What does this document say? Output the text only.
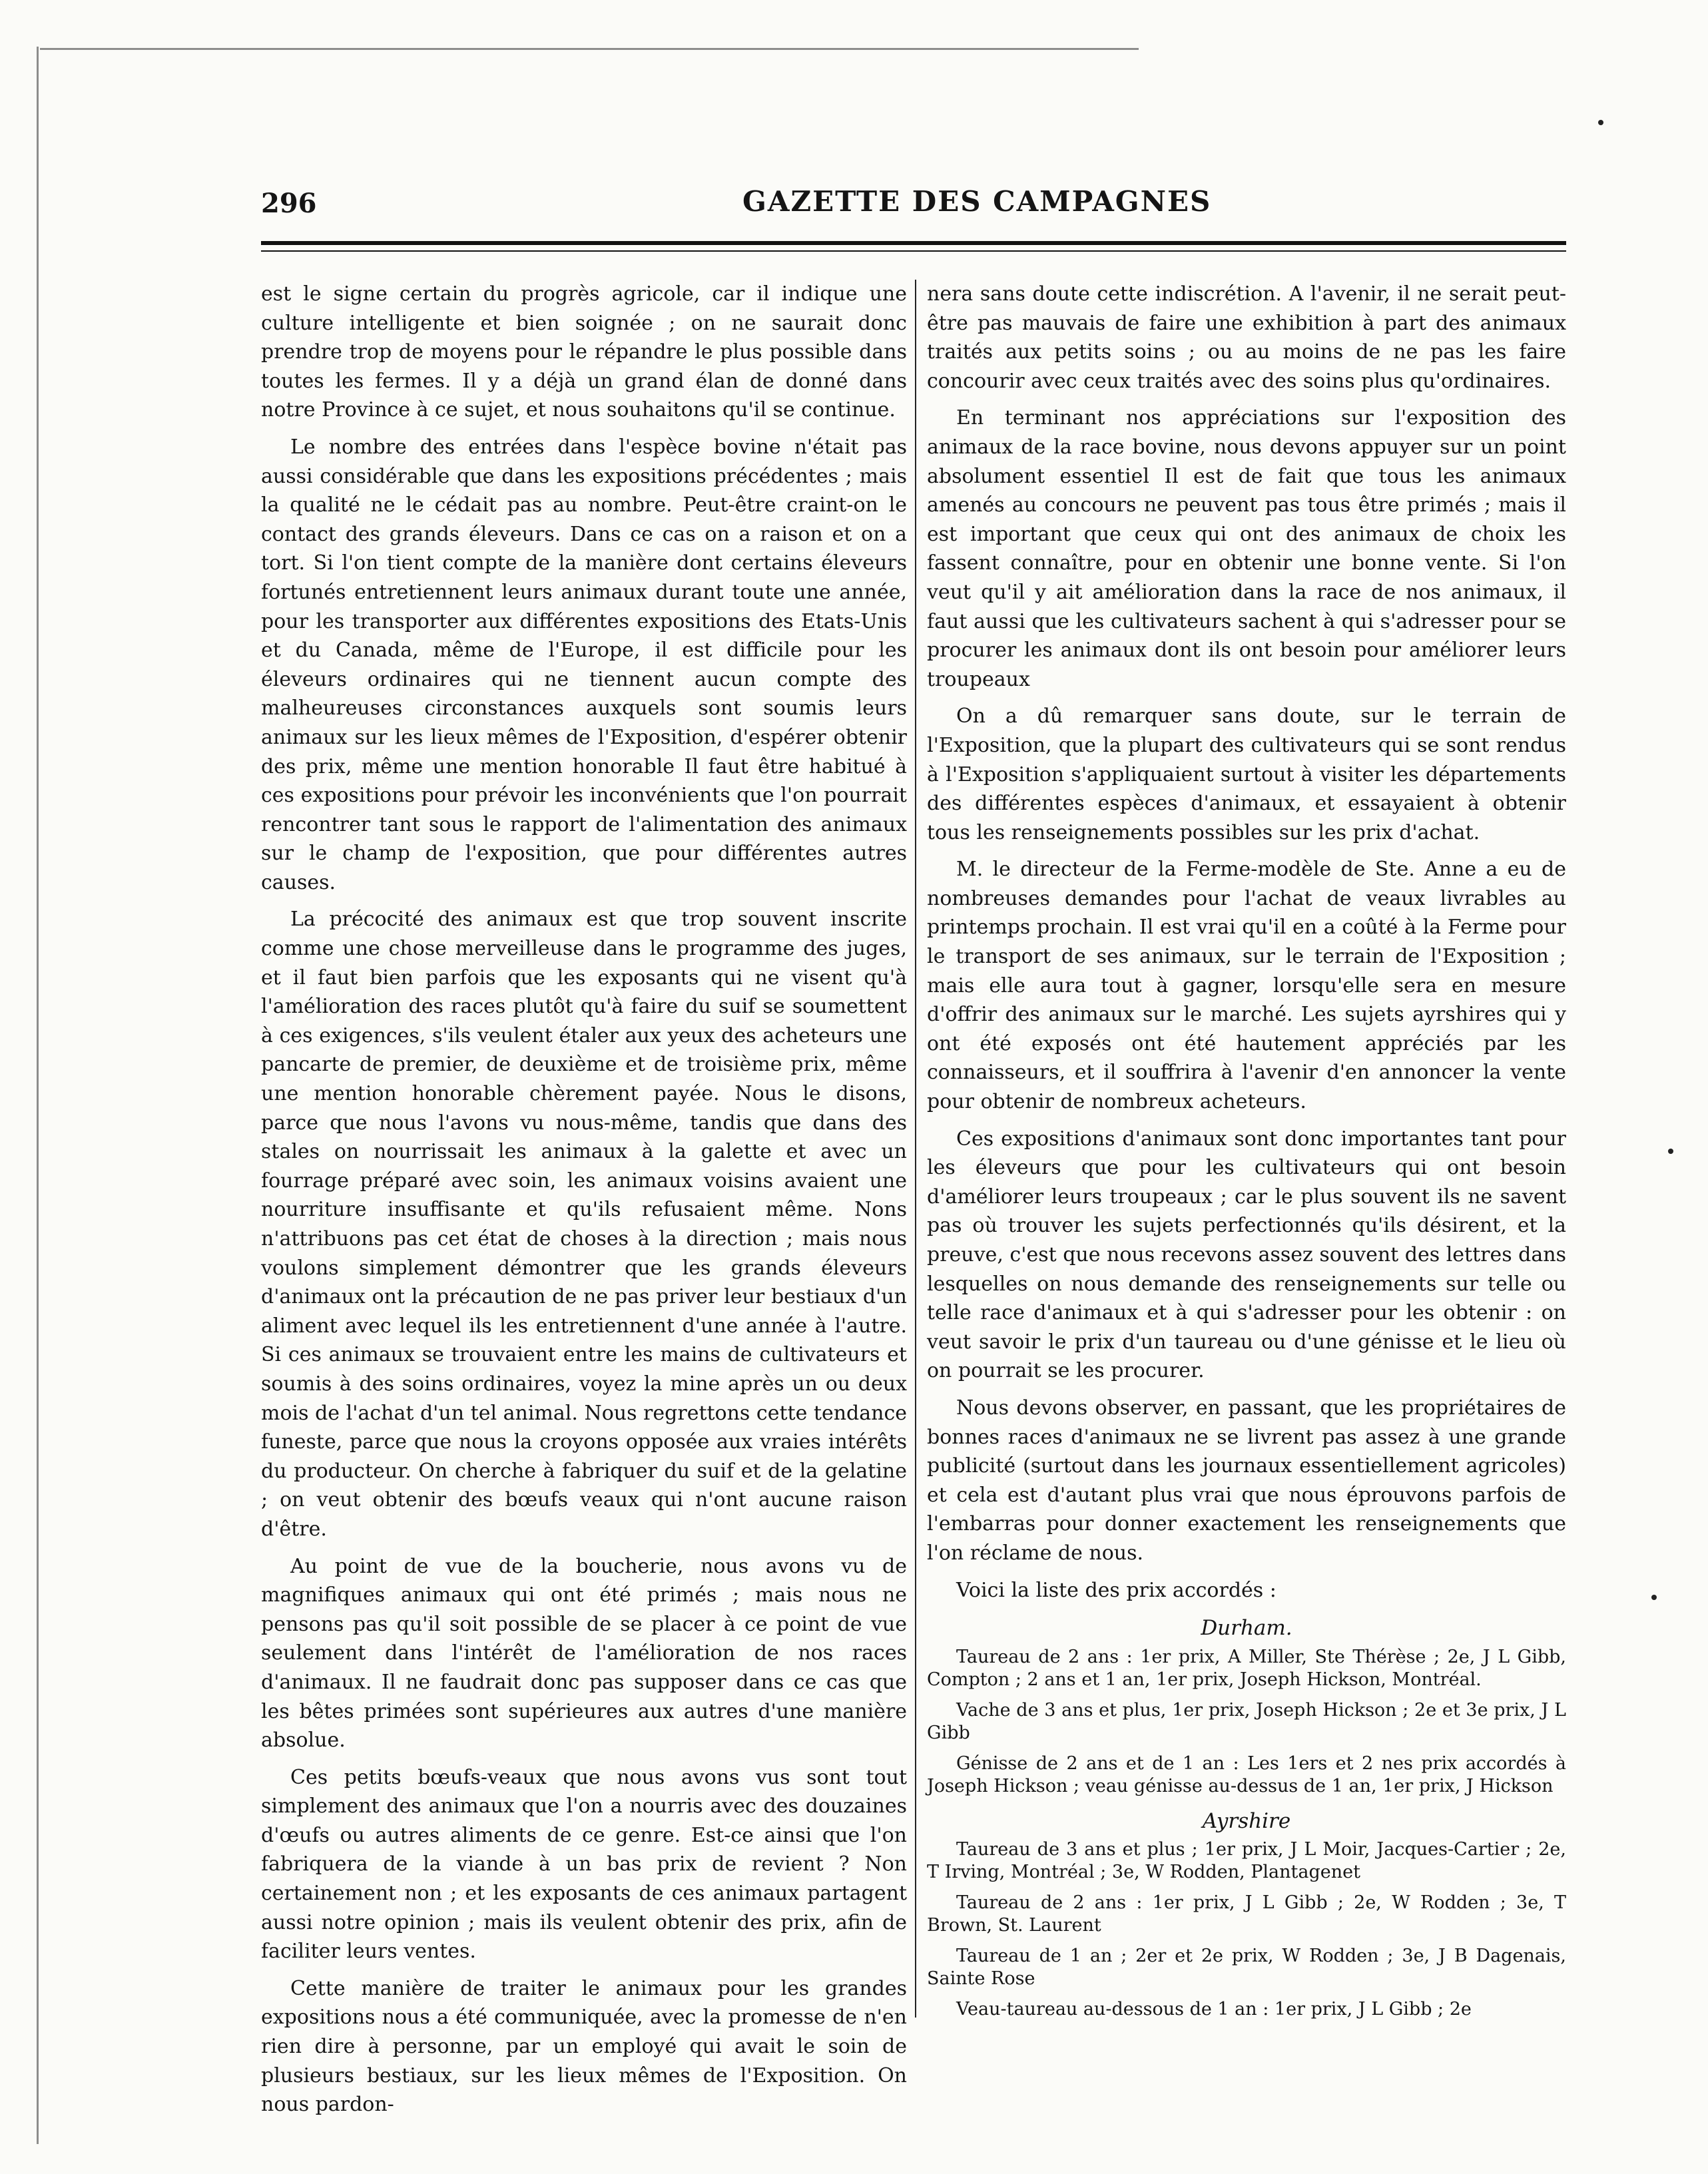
296	GAZETTE DES CAMPAGNES

est le signe certain du progrès agricole, car il indique une culture intelligente et bien soignée ; on ne saurait donc prendre trop de moyens pour le répandre le plus possible dans toutes les fermes. Il y a déjà un grand élan de donné dans notre Province à ce sujet, et nous souhaitons qu'il se continue.

Le nombre des entrées dans l'espèce bovine n'était pas aussi considérable que dans les expositions précédentes ; mais la qualité ne le cédait pas au nombre. Peut-être craint-on le contact des grands éleveurs. Dans ce cas on a raison et on a tort. Si l'on tient compte de la manière dont certains éleveurs fortunés entretiennent leurs animaux durant toute une année, pour les transporter aux différentes expositions des Etats-Unis et du Canada, même de l'Europe, il est difficile pour les éleveurs ordinaires qui ne tiennent aucun compte des malheureuses circonstances auxquels sont soumis leurs animaux sur les lieux mêmes de l'Exposition, d'espérer obtenir des prix, même une mention honorable Il faut être habitué à ces expositions pour prévoir les inconvénients que l'on pourrait rencontrer tant sous le rapport de l'alimentation des animaux sur le champ de l'exposition, que pour différentes autres causes.

La précocité des animaux est que trop souvent inscrite comme une chose merveilleuse dans le programme des juges, et il faut bien parfois que les exposants qui ne visent qu'à l'amélioration des races plutôt qu'à faire du suif se soumettent à ces exigences, s'ils veulent étaler aux yeux des acheteurs une pancarte de premier, de deuxième et de troisième prix, même une mention honorable chèrement payée. Nous le disons, parce que nous l'avons vu nous-même, tandis que dans des stales on nourrissait les animaux à la galette et avec un fourrage préparé avec soin, les animaux voisins avaient une nourriture insuffisante et qu'ils refusaient même. Nons n'attribuons pas cet état de choses à la direction ; mais nous voulons simplement démontrer que les grands éleveurs d'animaux ont la précaution de ne pas priver leur bestiaux d'un aliment avec lequel ils les entretiennent d'une année à l'autre. Si ces animaux se trouvaient entre les mains de cultivateurs et soumis à des soins ordinaires, voyez la mine après un ou deux mois de l'achat d'un tel animal. Nous regrettons cette tendance funeste, parce que nous la croyons opposée aux vraies intérêts du producteur. On cherche à fabriquer du suif et de la gelatine ; on veut obtenir des bœufs veaux qui n'ont aucune raison d'être.

Au point de vue de la boucherie, nous avons vu de magnifiques animaux qui ont été primés ; mais nous ne pensons pas qu'il soit possible de se placer à ce point de vue seulement dans l'intérêt de l'amélioration de nos races d'animaux. Il ne faudrait donc pas supposer dans ce cas que les bêtes primées sont supérieures aux autres d'une manière absolue.

Ces petits bœufs-veaux que nous avons vus sont tout simplement des animaux que l'on a nourris avec des douzaines d'œufs ou autres aliments de ce genre. Est-ce ainsi que l'on fabriquera de la viande à un bas prix de revient ? Non certainement non ; et les exposants de ces animaux partagent aussi notre opinion ; mais ils veulent obtenir des prix, afin de faciliter leurs ventes.

Cette manière de traiter le animaux pour les grandes expositions nous a été communiquée, avec la promesse de n'en rien dire à personne, par un employé qui avait le soin de plusieurs bestiaux, sur les lieux mêmes de l'Exposition. On nous pardon-

nera sans doute cette indiscrétion. A l'avenir, il ne serait peut-être pas mauvais de faire une exhibition à part des animaux traités aux petits soins ; ou au moins de ne pas les faire concourir avec ceux traités avec des soins plus qu'ordinaires.

En terminant nos appréciations sur l'exposition des animaux de la race bovine, nous devons appuyer sur un point absolument essentiel Il est de fait que tous les animaux amenés au concours ne peuvent pas tous être primés ; mais il est important que ceux qui ont des animaux de choix les fassent connaître, pour en obtenir une bonne vente. Si l'on veut qu'il y ait amélioration dans la race de nos animaux, il faut aussi que les cultivateurs sachent à qui s'adresser pour se procurer les animaux dont ils ont besoin pour améliorer leurs troupeaux

On a dû remarquer sans doute, sur le terrain de l'Exposition, que la plupart des cultivateurs qui se sont rendus à l'Exposition s'appliquaient surtout à visiter les départements des différentes espèces d'animaux, et essayaient à obtenir tous les renseignements possibles sur les prix d'achat.

M. le directeur de la Ferme-modèle de Ste. Anne a eu de nombreuses demandes pour l'achat de veaux livrables au printemps prochain. Il est vrai qu'il en a coûté à la Ferme pour le transport de ses animaux, sur le terrain de l'Exposition ; mais elle aura tout à gagner, lorsqu'elle sera en mesure d'offrir des animaux sur le marché. Les sujets ayrshires qui y ont été exposés ont été hautement appréciés par les connaisseurs, et il souffrira à l'avenir d'en annoncer la vente pour obtenir de nombreux acheteurs.

Ces expositions d'animaux sont donc importantes tant pour les éleveurs que pour les cultivateurs qui ont besoin d'améliorer leurs troupeaux ; car le plus souvent ils ne savent pas où trouver les sujets perfectionnés qu'ils désirent, et la preuve, c'est que nous recevons assez souvent des lettres dans lesquelles on nous demande des renseignements sur telle ou telle race d'animaux et à qui s'adresser pour les obtenir : on veut savoir le prix d'un taureau ou d'une génisse et le lieu où on pourrait se les procurer.

Nous devons observer, en passant, que les propriétaires de bonnes races d'animaux ne se livrent pas assez à une grande publicité (surtout dans les journaux essentiellement agricoles) et cela est d'autant plus vrai que nous éprouvons parfois de l'embarras pour donner exactement les renseignements que l'on réclame de nous.

Voici la liste des prix accordés :

Durham.

Taureau de 2 ans : 1er prix, A Miller, Ste Thérèse ; 2e, J L Gibb, Compton ; 2 ans et 1 an, 1er prix, Joseph Hickson, Montréal.

Vache de 3 ans et plus, 1er prix, Joseph Hickson ; 2e et 3e prix, J L Gibb

Génisse de 2 ans et de 1 an : Les 1ers et 2 nes prix accordés à Joseph Hickson ; veau génisse au-dessus de 1 an, 1er prix, J Hickson

Ayrshire

Taureau de 3 ans et plus ; 1er prix, J L Moir, Jacques-Cartier ; 2e, T Irving, Montréal ; 3e, W Rodden, Plantagenet

Taureau de 2 ans : 1er prix, J L Gibb ; 2e, W Rodden ; 3e, T Brown, St. Laurent

Taureau de 1 an ; 2er et 2e prix, W Rodden ; 3e, J B Dagenais, Sainte Rose

Veau-taureau au-dessous de 1 an : 1er prix, J L Gibb ; 2e
